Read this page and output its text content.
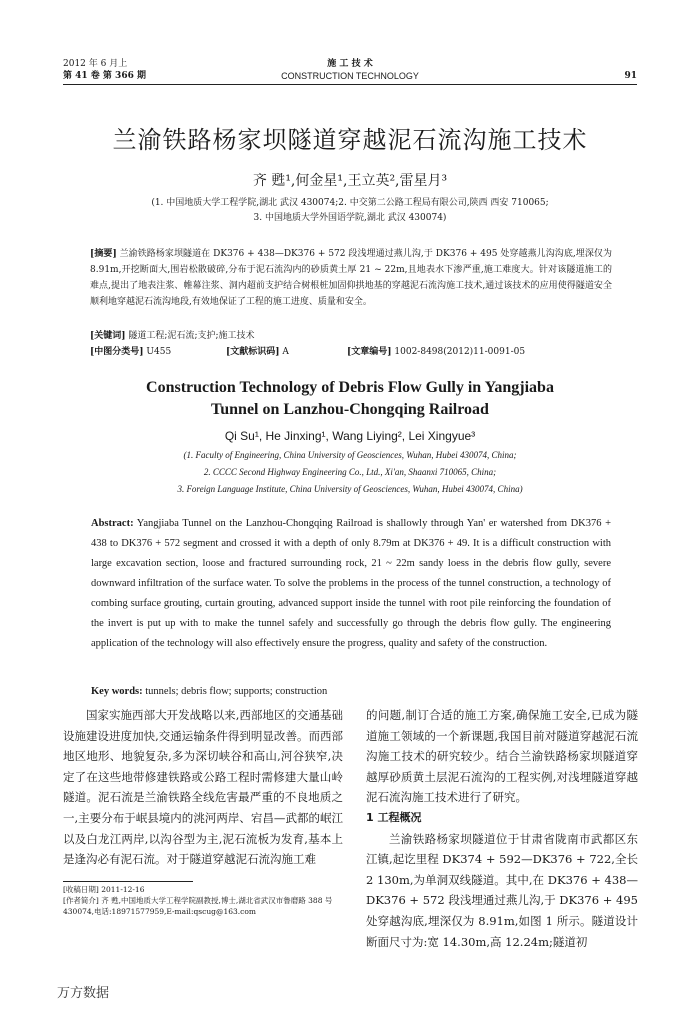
2012 年 6 月上
第 41 卷 第 366 期
施 工 技 术
CONSTRUCTION TECHNOLOGY	91
兰渝铁路杨家坝隧道穿越泥石流沟施工技术
齐 甦¹,何金星¹,王立英²,雷星月³
(1. 中国地质大学工程学院,湖北 武汉 430074;2. 中交第二公路工程局有限公司,陕西 西安 710065;
3. 中国地质大学外国语学院,湖北 武汉 430074)
[摘要] 兰渝铁路杨家坝隧道在 DK376 + 438—DK376 + 572 段浅埋通过燕儿沟,于 DK376 + 495 处穿越燕儿沟沟底,埋深仅为 8.91m,开挖断面大,围岩松散破碎,分布于泥石流沟内的砂质黄土厚 21 ~ 22m,且地表水下渗严重,施工难度大。针对该隧道施工的难点,提出了地表注浆、帷幕注浆、洞内超前支护结合树根桩加固仰拱地基的穿越泥石流沟施工技术,通过该技术的应用使得隧道安全顺利地穿越泥石流沟地段,有效地保证了工程的施工进度、质量和安全。
[关键词] 隧道工程;泥石流;支护;施工技术
[中图分类号] U455	[文献标识码] A	[文章编号] 1002-8498(2012)11-0091-05
Construction Technology of Debris Flow Gully in Yangjiaba
Tunnel on Lanzhou-Chongqing Railroad
Qi Su¹, He Jinxing¹, Wang Liying², Lei Xingyue³
(1. Faculty of Engineering, China University of Geosciences, Wuhan, Hubei 430074, China;
2. CCCC Second Highway Engineering Co., Ltd., Xi'an, Shaanxi 710065, China;
3. Foreign Language Institute, China University of Geosciences, Wuhan, Hubei 430074, China)
Abstract: Yangjiaba Tunnel on the Lanzhou-Chongqing Railroad is shallowly through Yan' er watershed from DK376 + 438 to DK376 + 572 segment and crossed it with a depth of only 8.79m at DK376 + 49. It is a difficult construction with large excavation section, loose and fractured surrounding rock, 21 ~ 22m sandy loess in the debris flow gully, severe downward infiltration of the surface water. To solve the problems in the process of the tunnel construction, a technology of combing surface grouting, curtain grouting, advanced support inside the tunnel with root pile reinforcing the foundation of the invert is put up with to make the tunnel safely and successfully go through the debris flow gully. The engineering application of the technology will also effectively ensure the progress, quality and safety of the construction.
Key words: tunnels; debris flow; supports; construction
国家实施西部大开发战略以来,西部地区的交通基础设施建设进度加快,交通运输条件得到明显改善。而西部地区地形、地貌复杂,多为深切峡谷和高山,河谷狭窄,决定了在这些地带修建铁路或公路工程时需修建大量山岭隧道。泥石流是兰渝铁路全线危害最严重的不良地质之一,主要分布于岷县境内的洮河两岸、宕昌—武都的岷江以及白龙江两岸,以沟谷型为主,泥石流板为发育,基本上是逢沟必有泥石流。对于隧道穿越泥石流沟施工难
[收稿日期] 2011-12-16
[作者简介] 齐 甦,中国地质大学工程学院副教授,博士,湖北省武汉市鲁磨路 388 号 430074,电话:18971577959,E-mail:qscug@163.com
的问题,制订合适的施工方案,确保施工安全,已成为隧道施工领域的一个新课题,我国目前对隧道穿越泥石流沟施工技术的研究较少。结合兰渝铁路杨家坝隧道穿越厚砂质黄土层泥石流沟的工程实例,对浅埋隧道穿越泥石流沟施工技术进行了研究。
1 工程概况
兰渝铁路杨家坝隧道位于甘肃省陇南市武都区东江镇,起讫里程 DK374 + 592—DK376 + 722,全长2 130m,为单洞双线隧道。其中,在 DK376 + 438—DK376 + 572 段浅埋通过燕儿沟,于 DK376 + 495 处穿越沟底,埋深仅为 8.91m,如图 1 所示。隧道设计断面尺寸为:宽 14.30m,高 12.24m;隧道初
万方数据
